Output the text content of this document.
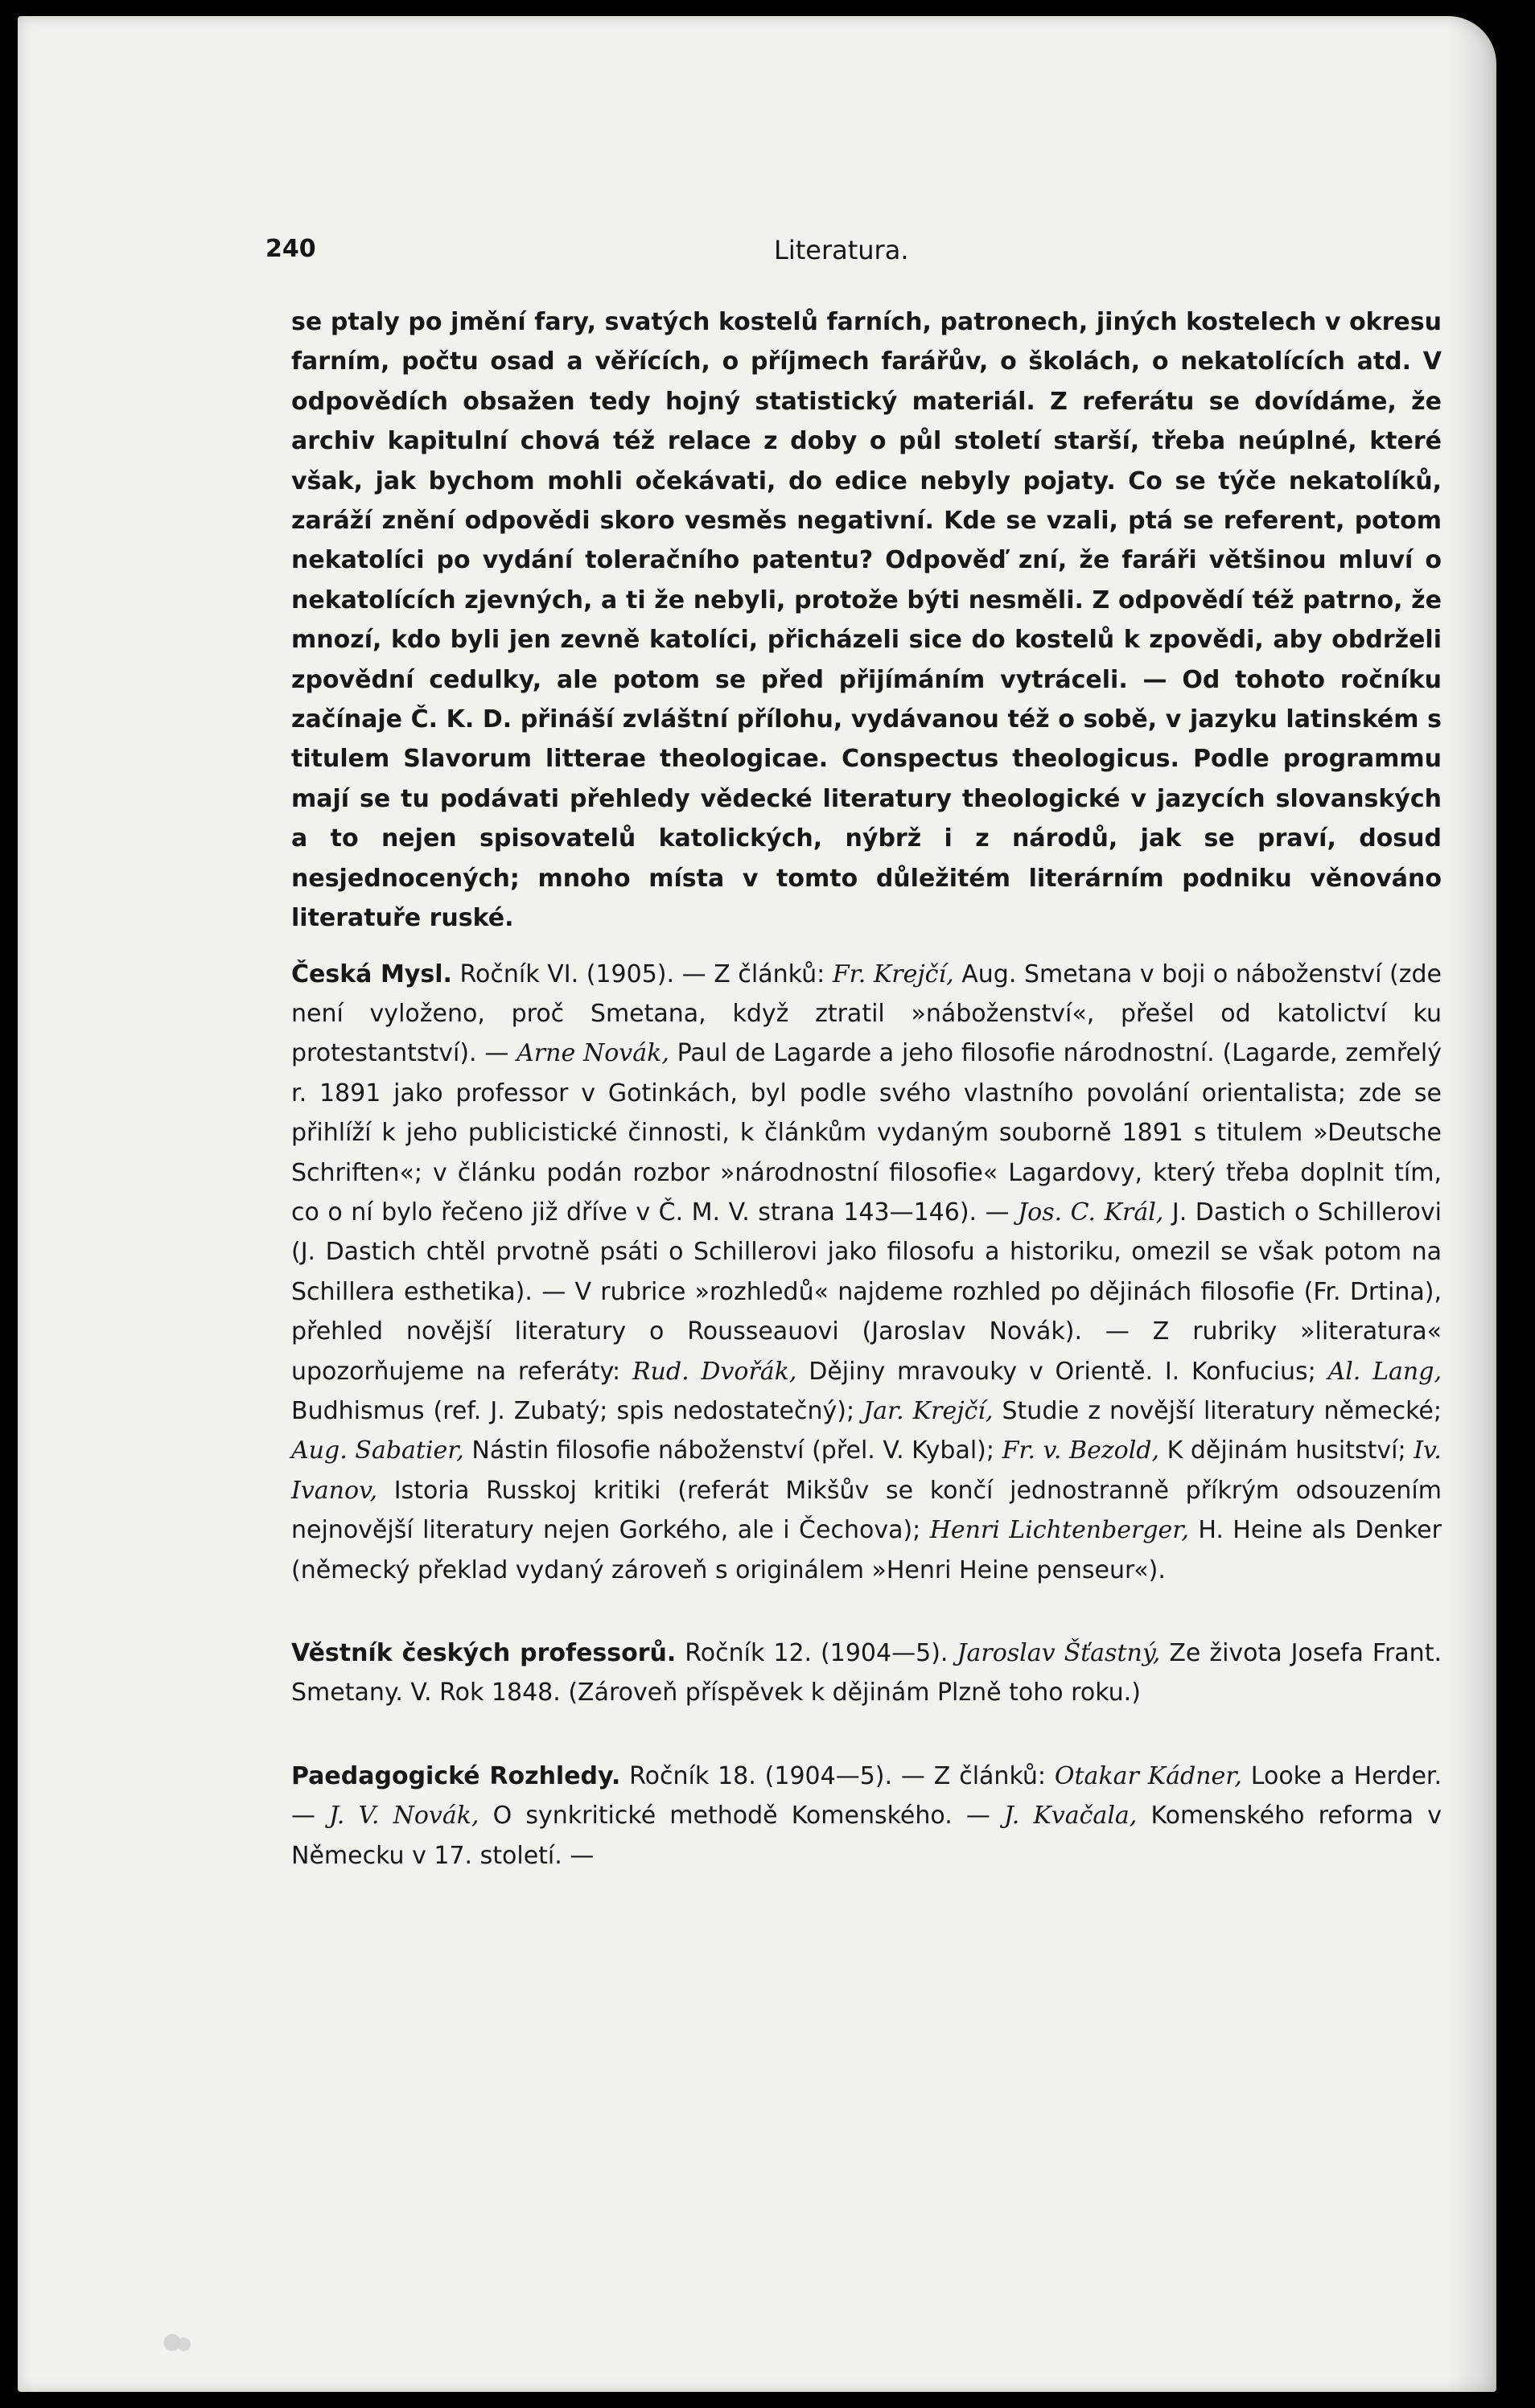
240	Literatura.

se ptaly po jmění fary, svatých kostelů farních, patronech, jiných kostelech v okresu farním, počtu osad a věřících, o příjmech farářův, o školách, o nekatolících atd. V odpovědích obsažen tedy hojný statistický materiál. Z referátu se dovídáme, že archiv kapitulní chová též relace z doby o půl století starší, třeba neúplné, které však, jak bychom mohli očekávati, do edice nebyly pojaty. Co se týče nekatolíků, zaráží znění odpovědi skoro vesměs negativní. Kde se vzali, ptá se referent, potom nekatolíci po vydání toleračního patentu? Odpověď zní, že faráři většinou mluví o nekatolících zjevných, a ti že nebyli, protože býti nesměli. Z odpovědí též patrno, že mnozí, kdo byli jen zevně katolíci, přicházeli sice do kostelů k zpovědi, aby obdrželi zpovědní cedulky, ale potom se před přijímáním vytráceli. — Od tohoto ročníku začínaje Č. K. D. přináší zvláštní přílohu, vydávanou též o sobě, v jazyku latinském s titulem Slavorum litterae theologicae. Conspectus theologicus. Podle programmu mají se tu podávati přehledy vědecké literatury theologické v jazycích slovanských a to nejen spisovatelů katolických, nýbrž i z národů, jak se praví, dosud nesjednocených; mnoho místa v tomto důležitém literárním podniku věnováno literatuře ruské.

Česká Mysl. Ročník VI. (1905). — Z článků: Fr. Krejčí, Aug. Smetana v boji o náboženství (zde není vyloženo, proč Smetana, když ztratil »náboženství«, přešel od katolictví ku protestantství). — Arne Novák, Paul de Lagarde a jeho filosofie národnostní. (Lagarde, zemřelý r. 1891 jako professor v Gotinkách, byl podle svého vlastního povolání orientalista; zde se přihlíží k jeho publicistické činnosti, k článkům vydaným souborně 1891 s titulem »Deutsche Schriften«; v článku podán rozbor »národnostní filosofie« Lagardovy, který třeba doplnit tím, co o ní bylo řečeno již dříve v Č. M. V. strana 143—146). — Jos. C. Král, J. Dastich o Schillerovi (J. Dastich chtěl prvotně psáti o Schillerovi jako filosofu a historiku, omezil se však potom na Schillera esthetika). — V rubrice »rozhledů« najdeme rozhled po dějinách filosofie (Fr. Drtina), přehled novější literatury o Rousseauovi (Jaroslav Novák). — Z rubriky »literatura« upozorňujeme na referáty: Rud. Dvořák, Dějiny mravouky v Orientě. I. Konfucius; Al. Lang, Budhismus (ref. J. Zubatý; spis nedostatečný); Jar. Krejčí, Studie z novější literatury německé; Aug. Sabatier, Nástin filosofie náboženství (přel. V. Kybal); Fr. v. Bezold, K dějinám husitství; Iv. Ivanov, Istoria Russkoj kritiki (referát Mikšův se končí jednostranně příkrým odsouzením nejnovější literatury nejen Gorkého, ale i Čechova); Henri Lichtenberger, H. Heine als Denker (německý překlad vydaný zároveň s originálem »Henri Heine penseur«).

Věstník českých professorů. Ročník 12. (1904—5). Jaroslav Šťastný, Ze života Josefa Frant. Smetany. V. Rok 1848. (Zároveň příspěvek k dějinám Plzně toho roku.)

Paedagogické Rozhledy. Ročník 18. (1904—5). — Z článků: Otakar Kádner, Looke a Herder. — J. V. Novák, O synkritické methodě Komenského. — J. Kvačala, Komenského reforma v Německu v 17. století. —
